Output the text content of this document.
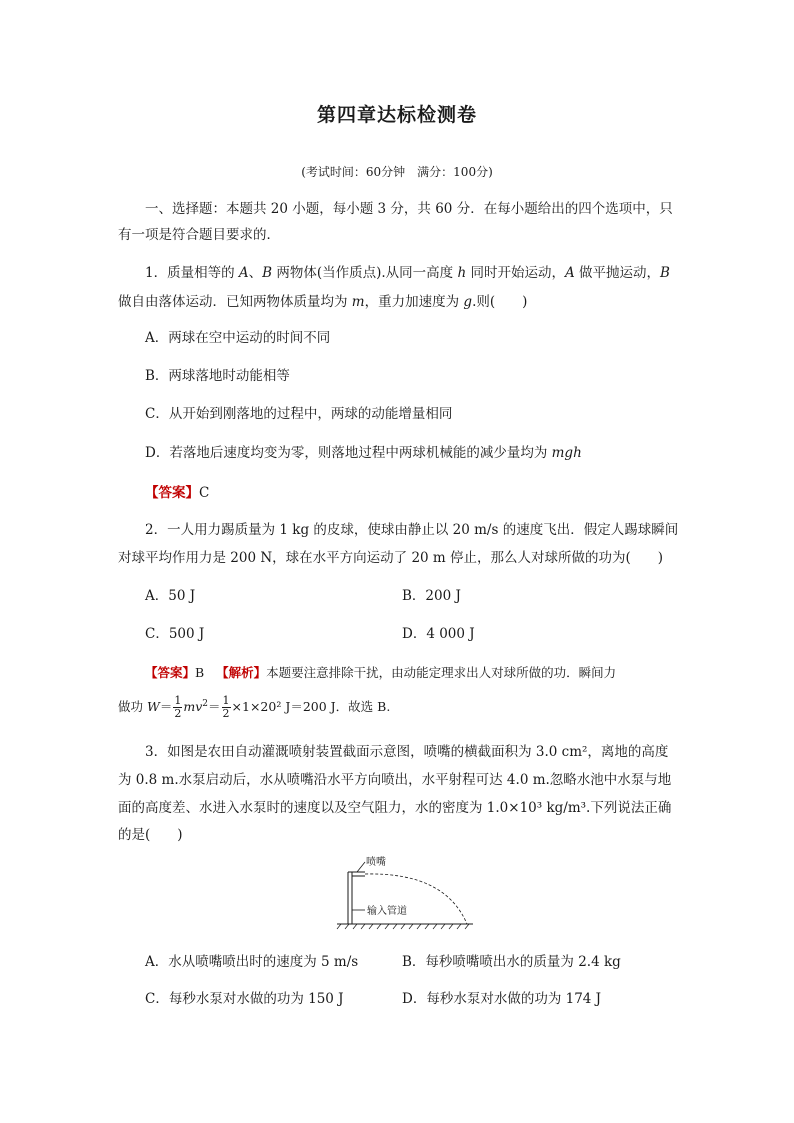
第四章达标检测卷
(考试时间：60分钟　满分：100分)
一、选择题：本题共 20 小题，每小题 3 分，共 60 分．在每小题给出的四个选项中，只
有一项是符合题目要求的．
1．质量相等的 A、B 两物体(当作质点).从同一高度 h 同时开始运动，A 做平抛运动，B
做自由落体运动．已知两物体质量均为 m，重力加速度为 g.则(　　)
A．两球在空中运动的时间不同
B．两球落地时动能相等
C．从开始到刚落地的过程中，两球的动能增量相同
D．若落地后速度均变为零，则落地过程中两球机械能的减少量均为 mgh
【答案】C
2．一人用力踢质量为 1 kg 的皮球，使球由静止以 20 m/s 的速度飞出．假定人踢球瞬间
对球平均作用力是 200 N，球在水平方向运动了 20 m 停止，那么人对球所做的功为(　　)
A．50 J	B．200 J
C．500 J	D．4 000 J
【答案】B 【解析】本题要注意排除干扰，由动能定理求出人对球所做的功．瞬间力
做功 $W= \frac{1}{2} mv^2= \frac{1}{2} \times 1\times 20^2$ J＝200 J．故选 B.
3．如图是农田自动灌溉喷射装置截面示意图，喷嘴的横截面积为 3.0 cm²，离地的高度
为 0.8 m.水泵启动后，水从喷嘴沿水平方向喷出，水平射程可达 4.0 m.忽略水池中水泵与地
面的高度差、水进入水泵时的速度以及空气阻力，水的密度为 1.0×10³ kg/m³.下列说法正确
的是(　　)
喷嘴
输入管道
A．水从喷嘴喷出时的速度为 5 m/s	B．每秒喷嘴喷出水的质量为 2.4 kg
C．每秒水泵对水做的功为 150 J	D．每秒水泵对水做的功为 174 J
